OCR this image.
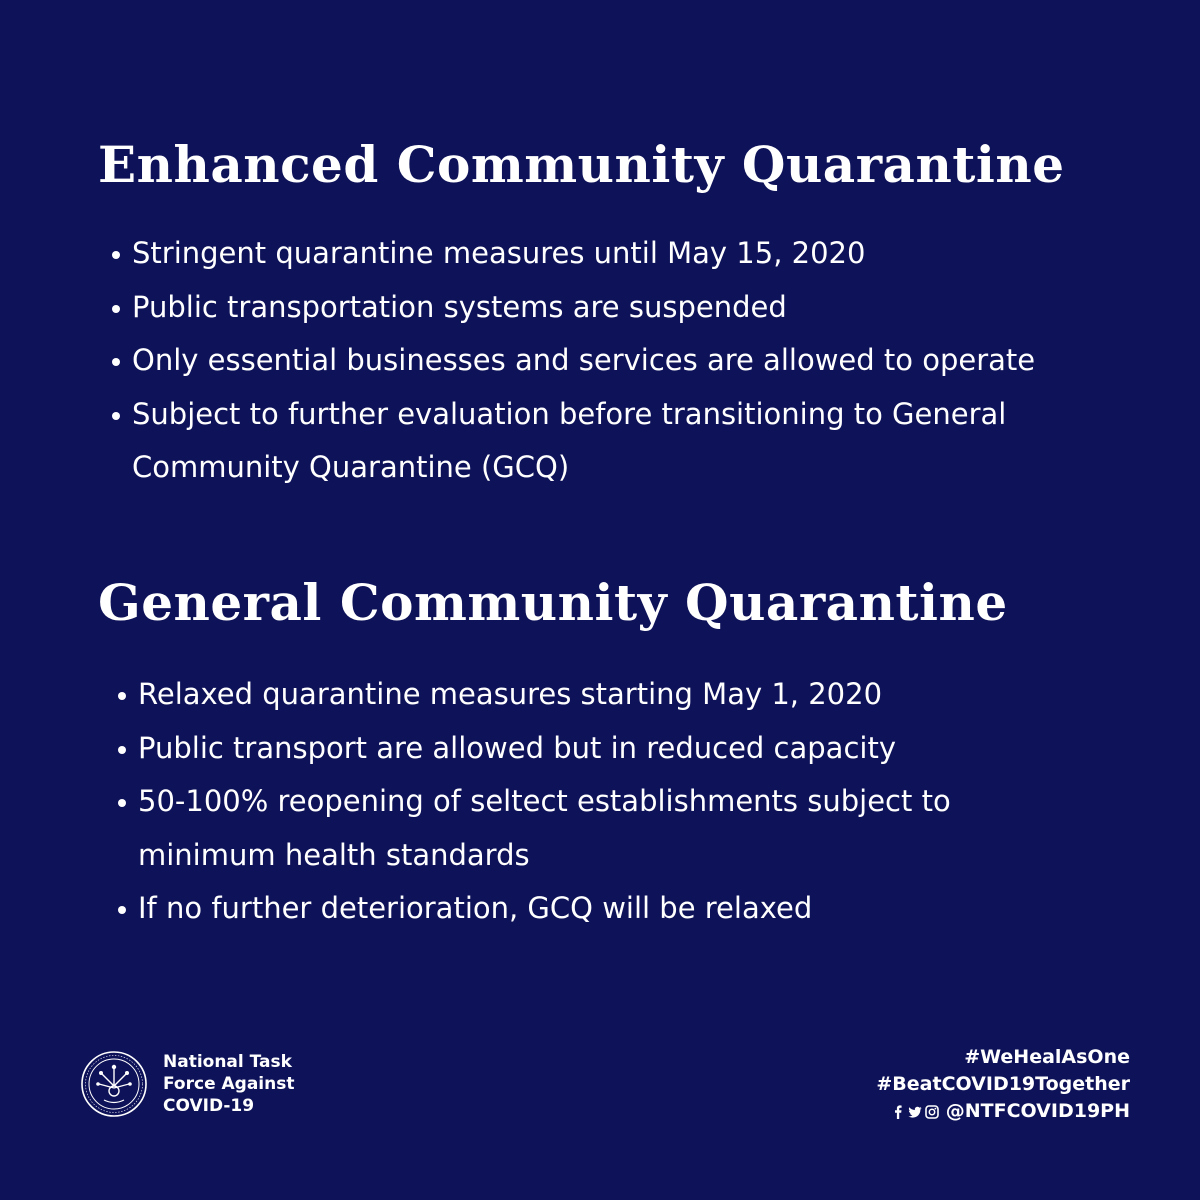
Enhanced Community Quarantine
Stringent quarantine measures until May 15, 2020
Public transportation systems are suspended
Only essential businesses and services are allowed to operate
Subject to further evaluation before transitioning to General
Community Quarantine (GCQ)
General Community Quarantine
Relaxed quarantine measures starting May 1, 2020
Public transport are allowed but in reduced capacity
50-100% reopening of seltect establishments subject to
minimum health standards
If no further deterioration, GCQ will be relaxed
National Task
Force Against
COVID-19
#WeHealAsOne
#BeatCOVID19Together
@NTFCOVID19PH
